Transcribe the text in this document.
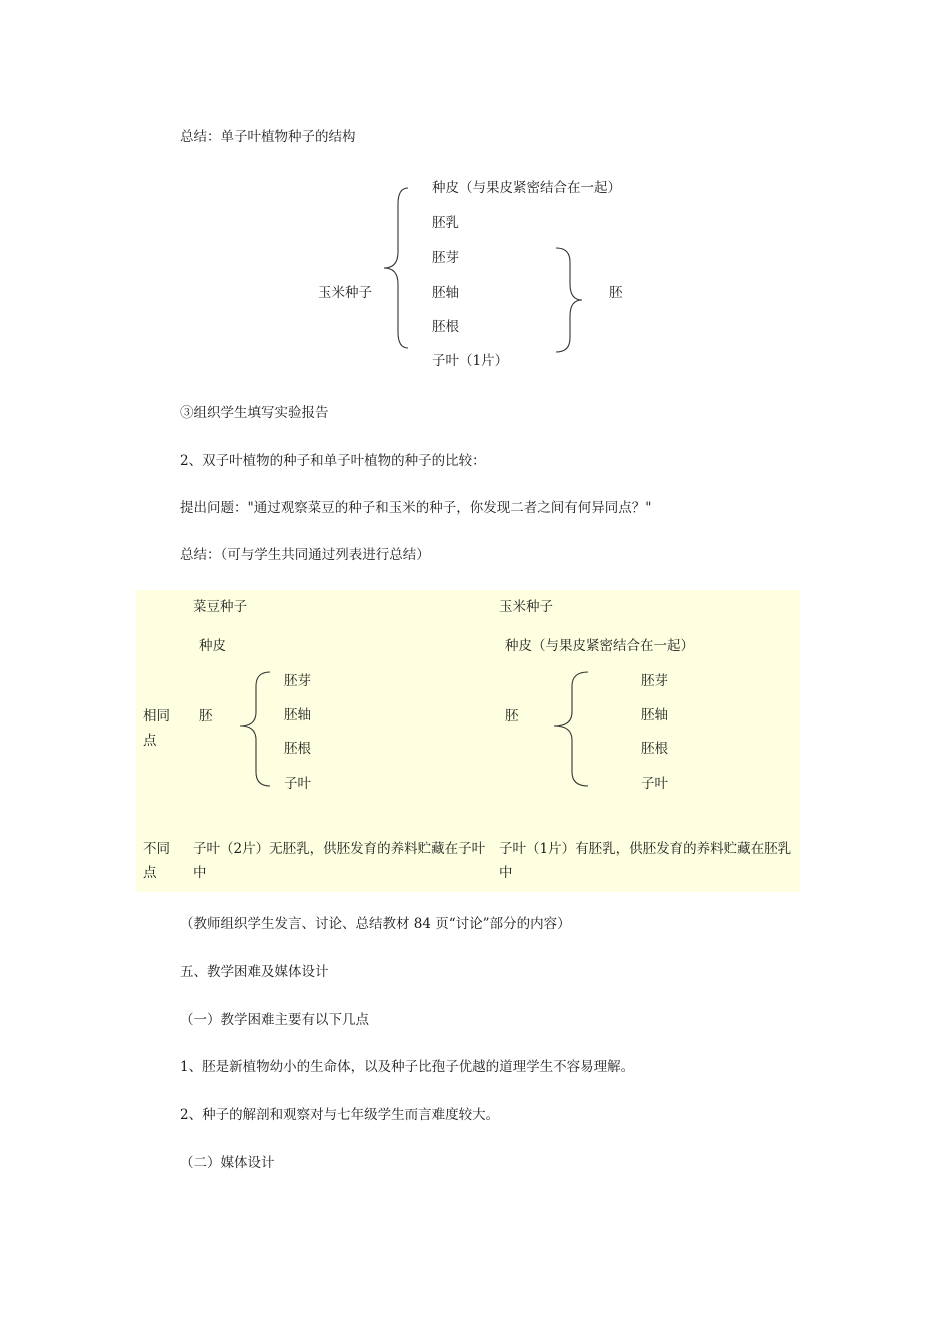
总结：单子叶植物种子的结构
玉米种子
种皮（与果皮紧密结合在一起）
胚乳
胚芽
胚轴
胚根
子叶（1片）
胚
③组织学生填写实验报告
2、双子叶植物的种子和单子叶植物的种子的比较：
提出问题："通过观察菜豆的种子和玉米的种子，你发现二者之间有何异同点？"
总结：（可与学生共同通过列表进行总结）
菜豆种子	玉米种子
种皮	种皮（与果皮紧密结合在一起）
相同
点
胚
胚芽
胚轴
胚根
子叶
胚
胚芽
胚轴
胚根
子叶
不同
点
子叶（2片）无胚乳，供胚发育的养料贮藏在子叶
中
子叶（1片）有胚乳，供胚发育的养料贮藏在胚乳
中
（教师组织学生发言、讨论、总结教材 84 页“讨论”部分的内容）
五、教学困难及媒体设计
（一）教学困难主要有以下几点
1、胚是新植物幼小的生命体，以及种子比孢子优越的道理学生不容易理解。
2、种子的解剖和观察对与七年级学生而言难度较大。
（二）媒体设计
